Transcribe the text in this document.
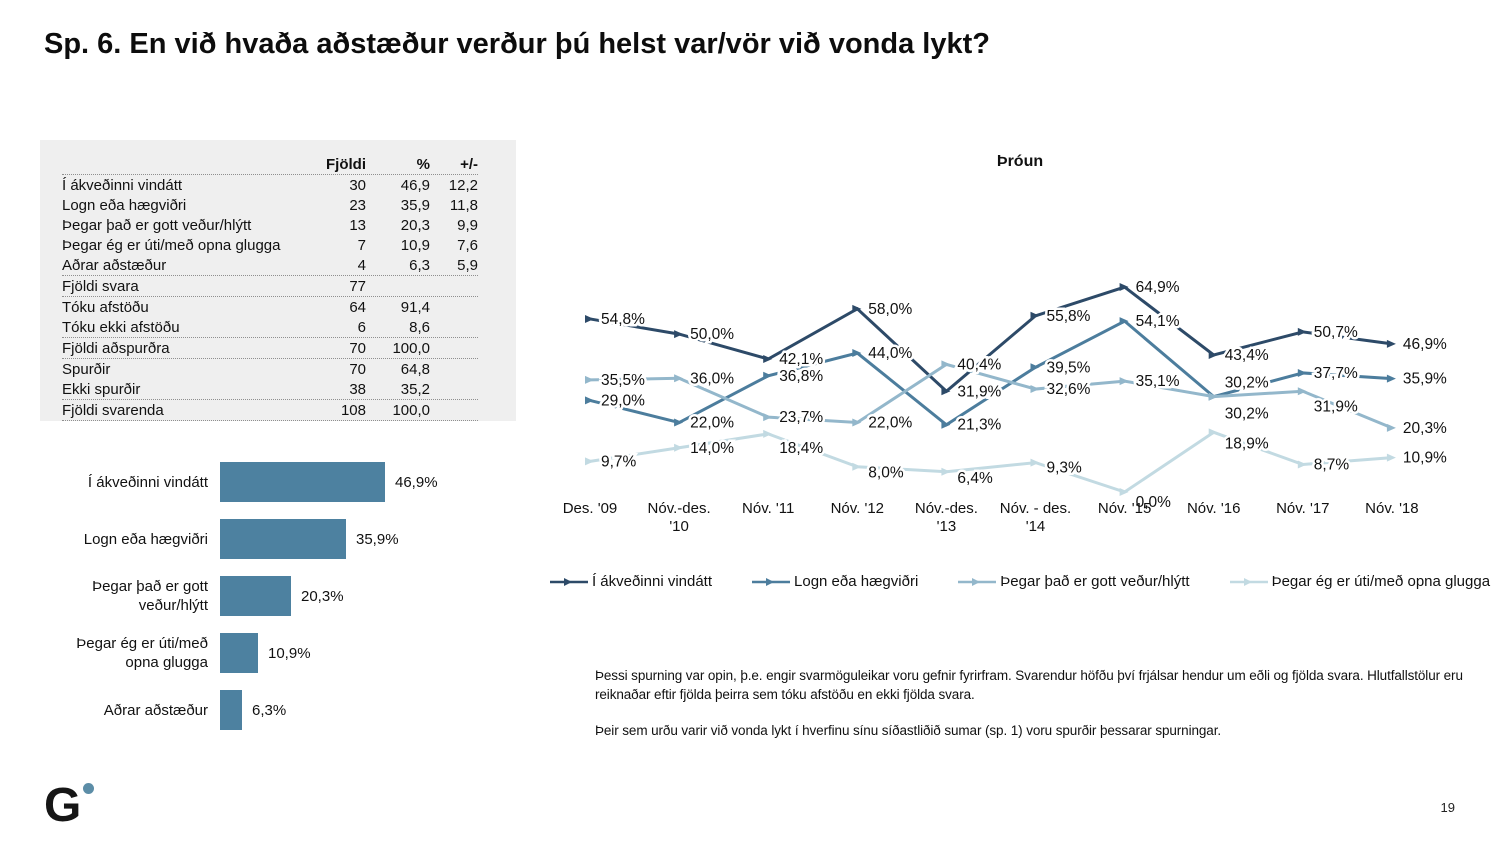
Sp. 6. En við hvaða aðstæður verður þú helst var/vör við vonda lykt?
Fjöldi	%	+/-
Í ákveðinni vindátt	30	46,9	12,2
Logn eða hægviðri	23	35,9	11,8
Þegar það er gott veður/hlýtt	13	20,3	9,9
Þegar ég er úti/með opna glugga	7	10,9	7,6
Aðrar aðstæður	4	6,3	5,9
Fjöldi svara	77
Tóku afstöðu	64	91,4
Tóku ekki afstöðu	6	8,6
Fjöldi aðspurðra	70	100,0
Spurðir	70	64,8
Ekki spurðir	38	35,2
Fjöldi svarenda	108	100,0
Í ákveðinni vindátt	46,9%
Logn eða hægviðri	35,9%
Þegar það er gott
veður/hlýtt
20,3%
Þegar ég er úti/með
opna glugga
10,9%
Aðrar aðstæður	6,3%
Þróun
54,8%
50,0%
42,1%
58,0%
31,9%
55,8%
64,9%
43,4%
50,7%
46,9%
29,0%
22,0%
36,8%
44,0%
21,3%
39,5%
54,1%
30,2%
37,7%	35,9%
35,5%	36,0%
23,7%	22,0%
40,4%
32,6%	35,1%
30,2%	31,9%
20,3%
9,7%
14,0%	18,4%
8,0%	6,4%
9,3%
0,0%
18,9%
8,7%	10,9%
Des. '09 Nóv.-des.
'10
Nóv. '11 Nóv. '12 Nóv.-des.
'13
Nóv. - des.
'14
Nóv. '15 Nóv. '16 Nóv. '17 Nóv. '18
Í ákveðinni vindátt	Logn eða hægviðri	Þegar það er gott veður/hlýtt	Þegar ég er úti/með opna glugga

Þessi spurning var opin, þ.e. engir svarmöguleikar voru gefnir fyrirfram. Svarendur höfðu því frjálsar hendur um eðli og fjölda svara. Hlutfallstölur eru reiknaðar eftir fjölda þeirra sem tóku afstöðu en ekki fjölda svara.

Þeir sem urðu varir við vonda lykt í hverfinu sínu síðastliðið sumar (sp. 1) voru spurðir þessarar spurningar.

G	19
